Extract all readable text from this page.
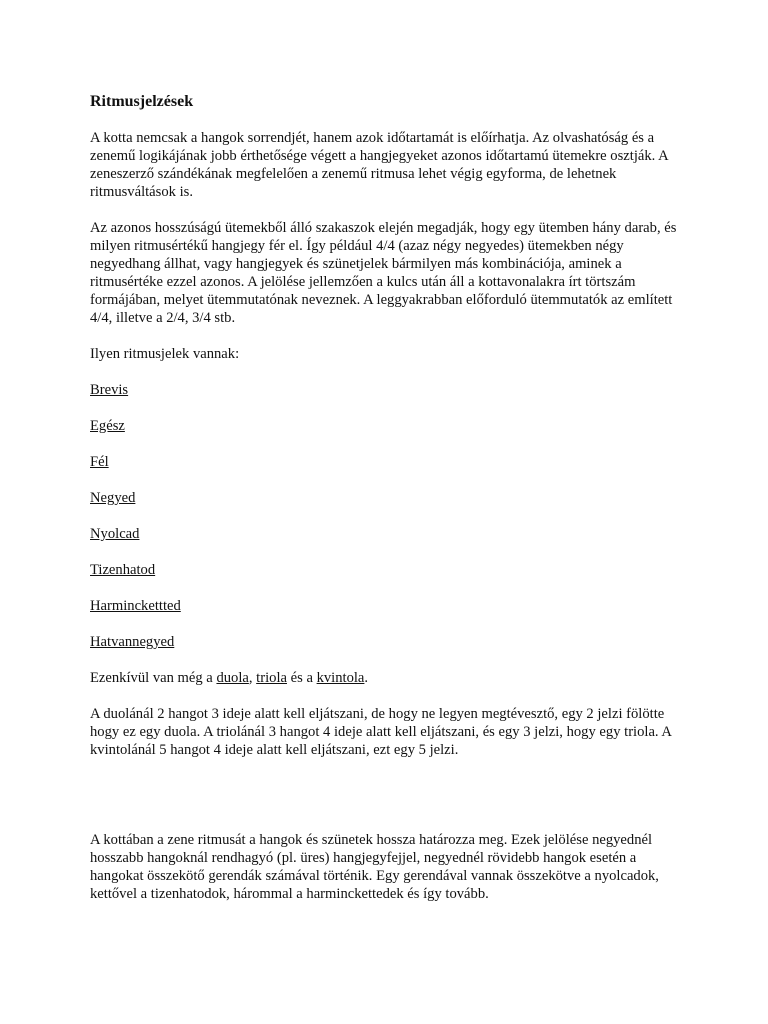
Ritmusjelzések

A kotta nemcsak a hangok sorrendjét, hanem azok időtartamát is előírhatja. Az olvashatóság és a zenemű logikájának jobb érthetősége végett a hangjegyeket azonos időtartamú ütemekre osztják. A zeneszerző szándékának megfelelően a zenemű ritmusa lehet végig egyforma, de lehetnek ritmusváltások is.

Az azonos hosszúságú ütemekből álló szakaszok elején megadják, hogy egy ütemben hány darab, és milyen ritmusértékű hangjegy fér el. Így például 4/4 (azaz négy negyedes) ütemekben négy negyedhang állhat, vagy hangjegyek és szünetjelek bármilyen más kombinációja, aminek a ritmusértéke ezzel azonos. A jelölése jellemzően a kulcs után áll a kottavonalakra írt törtszám formájában, melyet ütemmutatónak neveznek. A leggyakrabban előforduló ütemmutatók az említett 4/4, illetve a 2/4, 3/4 stb.

Ilyen ritmusjelek vannak:

Brevis

Egész

Fél

Negyed

Nyolcad

Tizenhatod

Harminckettted

Hatvannegyed

Ezenkívül van még a duola, triola és a kvintola.

A duolánál 2 hangot 3 ideje alatt kell eljátszani, de hogy ne legyen megtévesztő, egy 2 jelzi fölötte hogy ez egy duola. A triolánál 3 hangot 4 ideje alatt kell eljátszani, és egy 3 jelzi, hogy egy triola. A kvintolánál 5 hangot 4 ideje alatt kell eljátszani, ezt egy 5 jelzi.

A kottában a zene ritmusát a hangok és szünetek hossza határozza meg. Ezek jelölése negyednél hosszabb hangoknál rendhagyó (pl. üres) hangjegyfejjel, negyednél rövidebb hangok esetén a hangokat összekötő gerendák számával történik. Egy gerendával vannak összekötve a nyolcadok, kettővel a tizenhatodok, hárommal a harminckettedek és így tovább.
